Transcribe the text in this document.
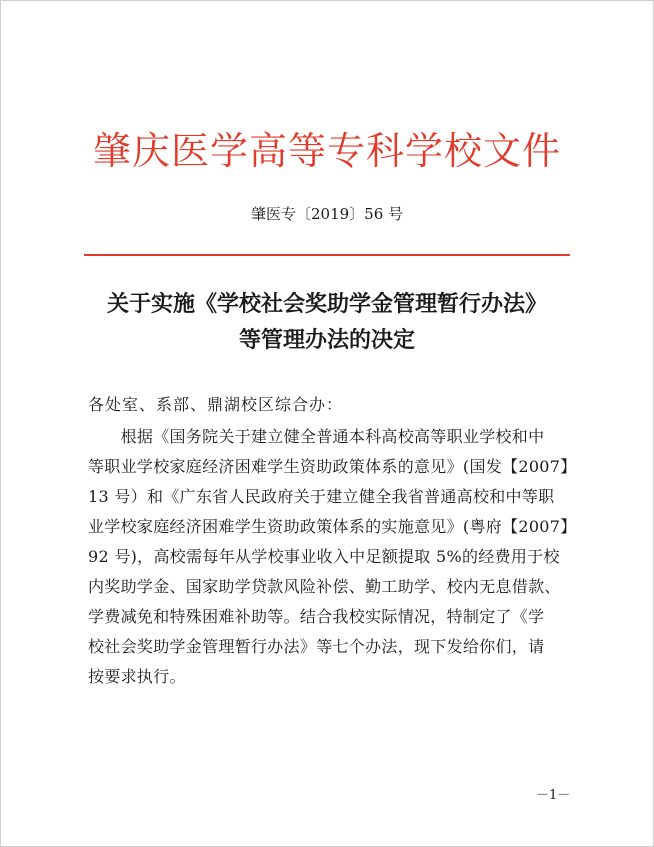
肇庆医学高等专科学校文件
肇医专〔2019〕56 号
关于实施《学校社会奖助学金管理暂行办法》
等管理办法的决定
各处室、系部、鼎湖校区综合办：
　　根据《国务院关于建立健全普通本科高校高等职业学校和中
等职业学校家庭经济困难学生资助政策体系的意见》(国发【2007】
13 号）和《广东省人民政府关于建立健全我省普通高校和中等职
业学校家庭经济困难学生资助政策体系的实施意见》(粤府【2007】
92 号)，高校需每年从学校事业收入中足额提取 5%的经费用于校
内奖助学金、国家助学贷款风险补偿、勤工助学、校内无息借款、
学费减免和特殊困难补助等。结合我校实际情况，特制定了《学
校社会奖助学金管理暂行办法》等七个办法，现下发给你们，请
按要求执行。
－1－
